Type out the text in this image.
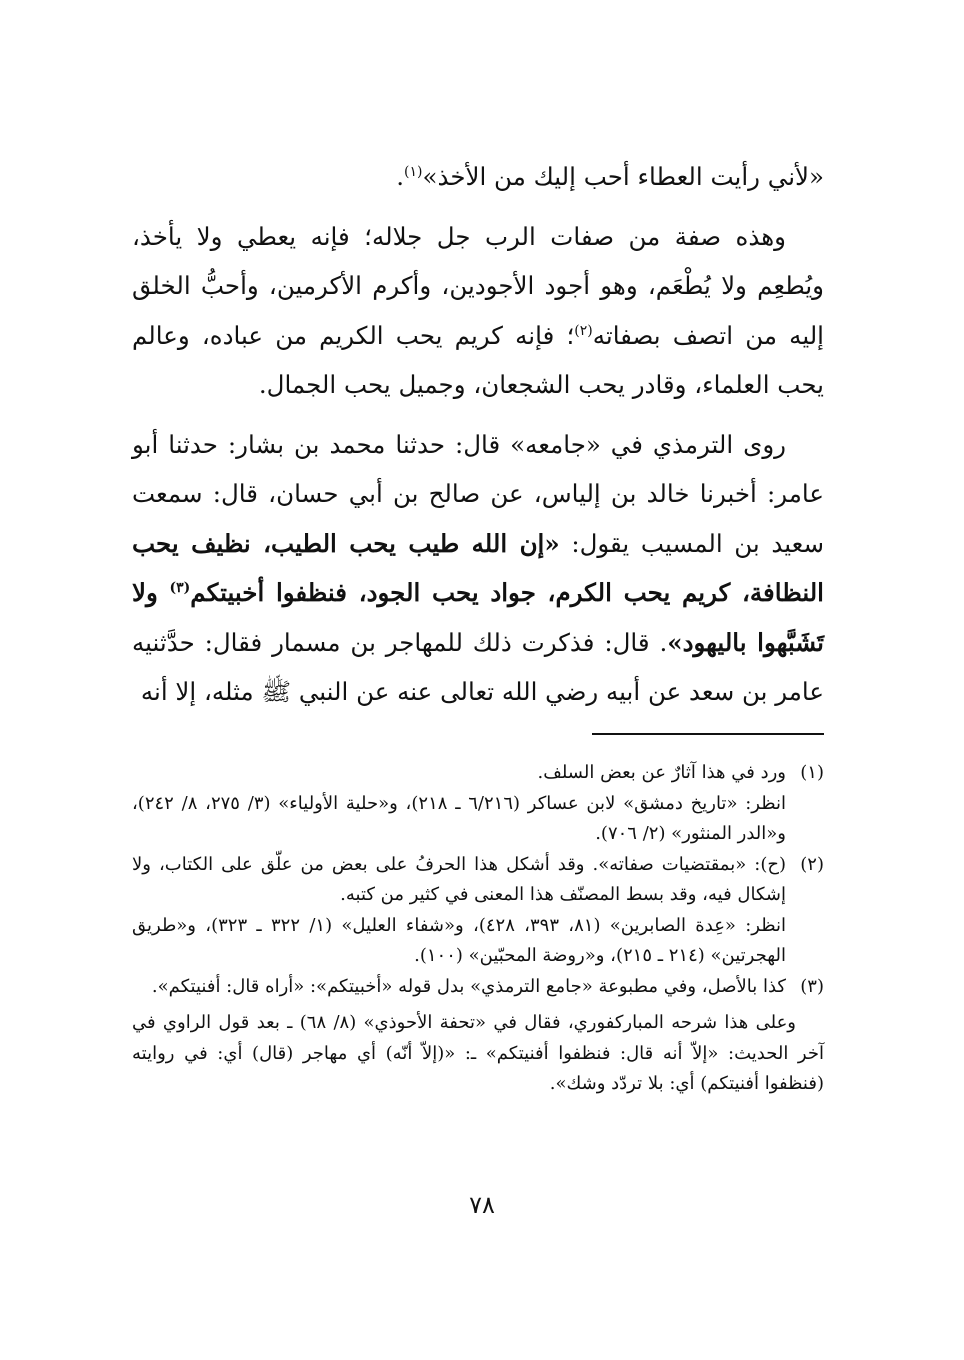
«لأني رأيت العطاء أحب إليك من الأخذ»$^{(١)}$.

وهذه صفة من صفات الرب جل جلاله؛ فإنه يعطي ولا يأخذ، ويُطعِم ولا يُطْعَم، وهو أجود الأجودين، وأكرم الأكرمين، وأحبُّ الخلق إليه من اتصف بصفاته$^{(٢)}$؛ فإنه كريم يحب الكريم من عباده، وعالم يحب العلماء، وقادر يحب الشجعان، وجميل يحب الجمال.

روى الترمذي في «جامعه» قال: حدثنا محمد بن بشار: حدثنا أبو عامر: أخبرنا خالد بن إلياس، عن صالح بن أبي حسان، قال: سمعت سعيد بن المسيب يقول: «إن الله طيب يحب الطيب، نظيف يحب النظافة، كريم يحب الكرم، جواد يحب الجود، فنظفوا أخبيتكم$^{(٣)}$ ولا تَشَبَّهوا باليهود». قال: فذكرت ذلك للمهاجر بن مسمار فقال: حدَّثنيه عامر بن سعد عن أبيه رضي الله تعالى عنه عن النبي ﷺ مثله، إلا أنه

(١)

ورد في هذا آثارٌ عن بعض السلف.

انظر: «تاريخ دمشق» لابن عساكر (٦/٢١٦ ـ ٢١٨)، و«حلية الأولياء» (٣/ ٢٧٥، ٨/ ٢٤٢)، و«الدر المنثور» (٢/ ٧٠٦).

(٢)

(ح): «بمقتضيات صفاته». وقد أشكل هذا الحرفُ على بعض من علّق على الكتاب، ولا إشكال فيه، وقد بسط المصنّف هذا المعنى في كثير من كتبه.

انظر: «عِدة الصابرين» (٨١، ٣٩٣، ٤٢٨)، و«شفاء العليل» (١/ ٣٢٢ ـ ٣٢٣)، و«طريق الهجرتين» (٢١٤ ـ ٢١٥)، و«روضة المحبّين» (١٠٠).

(٣)

كذا بالأصل، وفي مطبوعة «جامع الترمذي» بدل قوله «أخبيتكم»: «أراه قال: أفنيتكم».

وعلى هذا شرحه المباركفوري، فقال في «تحفة الأحوذي» (٨/ ٦٨) ـ بعد قول الراوي في آخر الحديث: «إلاّ أنه قال: فنظفوا أفنيتكم» ـ: «(إلاّ أنّه) أي مهاجر (قال) أي: في روايته (فنظفوا أفنيتكم) أي: بلا تردّد وشك».

٧٨
